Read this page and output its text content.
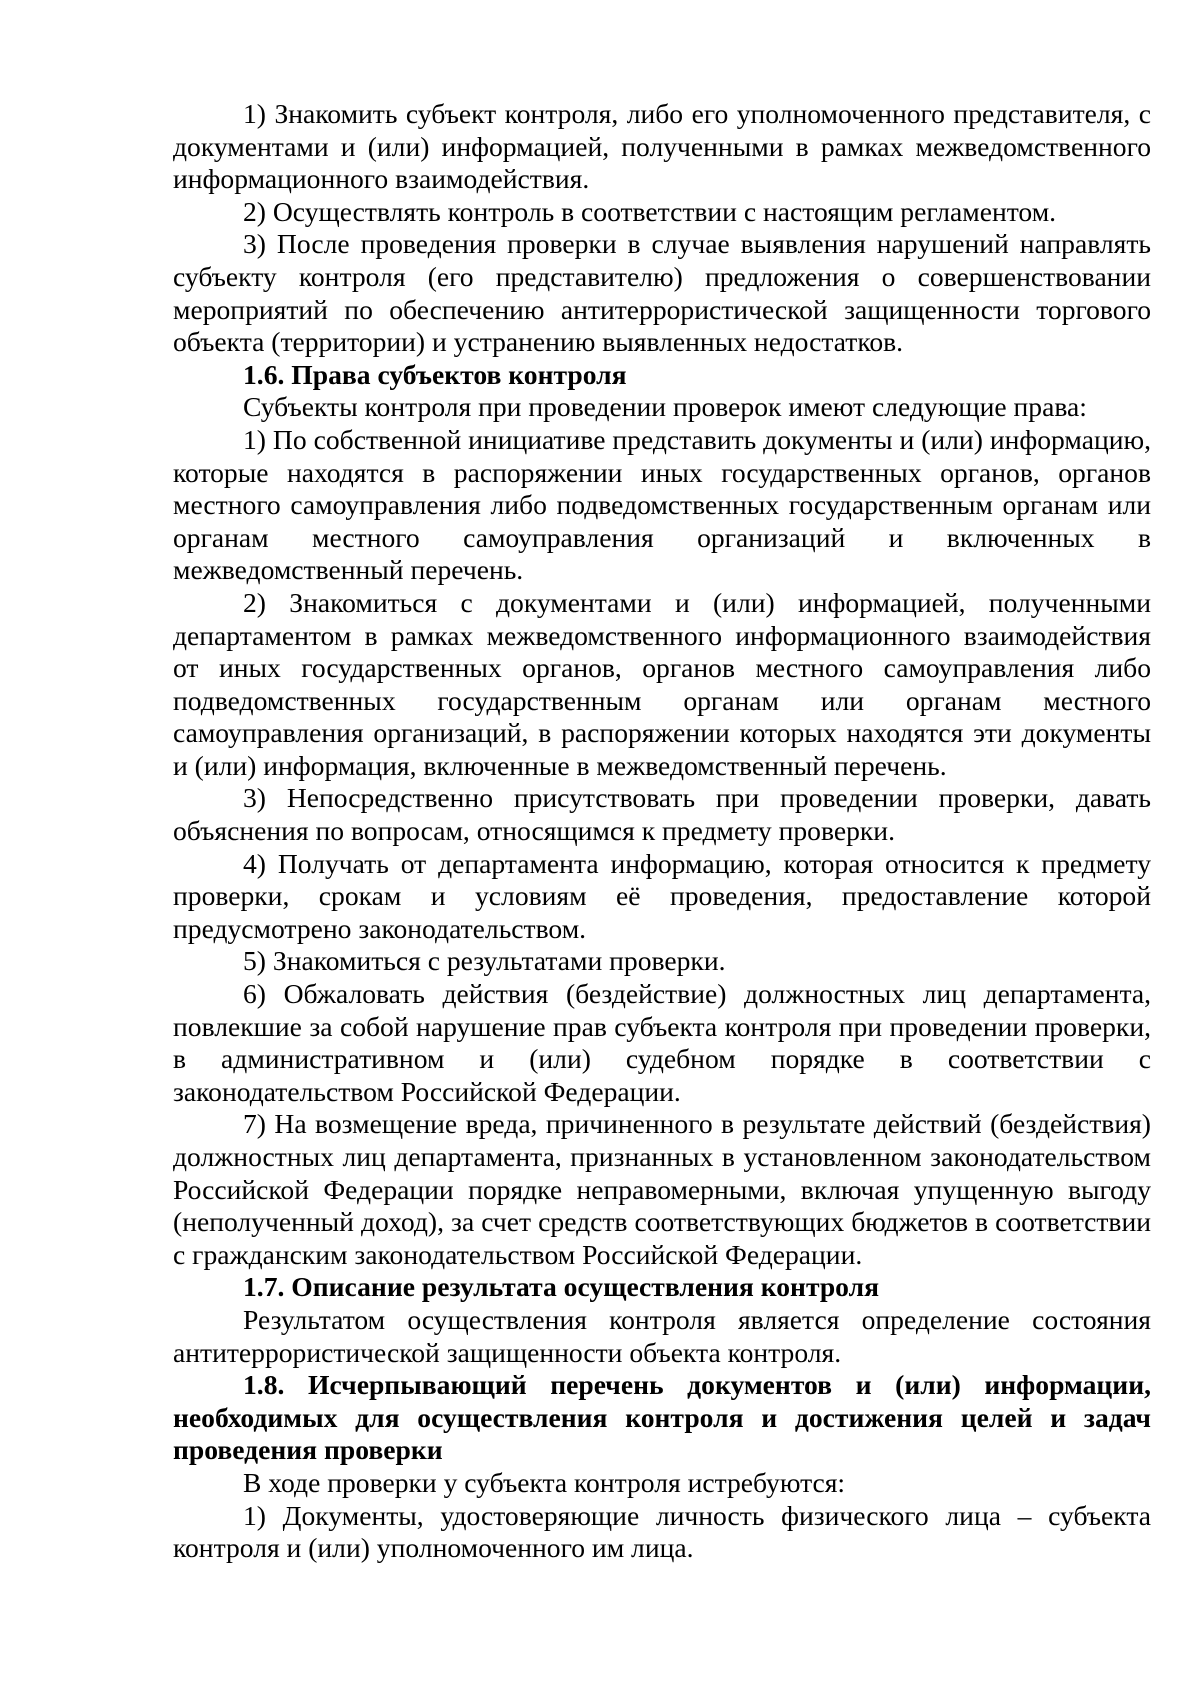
1) Знакомить субъект контроля, либо его уполномоченного представителя, с документами и (или) информацией, полученными в рамках межведомственного информационного взаимодействия.

2) Осуществлять контроль в соответствии с настоящим регламентом.

3) После проведения проверки в случае выявления нарушений направлять субъекту контроля (его представителю) предложения о совершенствовании мероприятий по обеспечению антитеррористической защищенности торгового объекта (территории) и устранению выявленных недостатков.

1.6. Права субъектов контроля

Субъекты контроля при проведении проверок имеют следующие права:

1) По собственной инициативе представить документы и (или) информацию, которые находятся в распоряжении иных государственных органов, органов местного самоуправления либо подведомственных государственным органам или органам местного самоуправления организаций и включенных в межведомственный перечень.

2) Знакомиться с документами и (или) информацией, полученными департаментом в рамках межведомственного информационного взаимодействия от иных государственных органов, органов местного самоуправления либо подведомственных государственным органам или органам местного самоуправления организаций, в распоряжении которых находятся эти документы и (или) информация, включенные в межведомственный перечень.

3) Непосредственно присутствовать при проведении проверки, давать объяснения по вопросам, относящимся к предмету проверки.

4) Получать от департамента информацию, которая относится к предмету проверки, срокам и условиям её проведения, предоставление которой предусмотрено законодательством.

5) Знакомиться с результатами проверки.

6) Обжаловать действия (бездействие) должностных лиц департамента, повлекшие за собой нарушение прав субъекта контроля при проведении проверки, в административном и (или) судебном порядке в соответствии с законодательством Российской Федерации.

7) На возмещение вреда, причиненного в результате действий (бездействия) должностных лиц департамента, признанных в установленном законодательством Российской Федерации порядке неправомерными, включая упущенную выгоду (неполученный доход), за счет средств соответствующих бюджетов в соответствии с гражданским законодательством Российской Федерации.

1.7. Описание результата осуществления контроля

Результатом осуществления контроля является определение состояния антитеррористической защищенности объекта контроля.

1.8. Исчерпывающий перечень документов и (или) информации, необходимых для осуществления контроля и достижения целей и задач проведения проверки

В ходе проверки у субъекта контроля истребуются:

1) Документы, удостоверяющие личность физического лица – субъекта контроля и (или) уполномоченного им лица.
